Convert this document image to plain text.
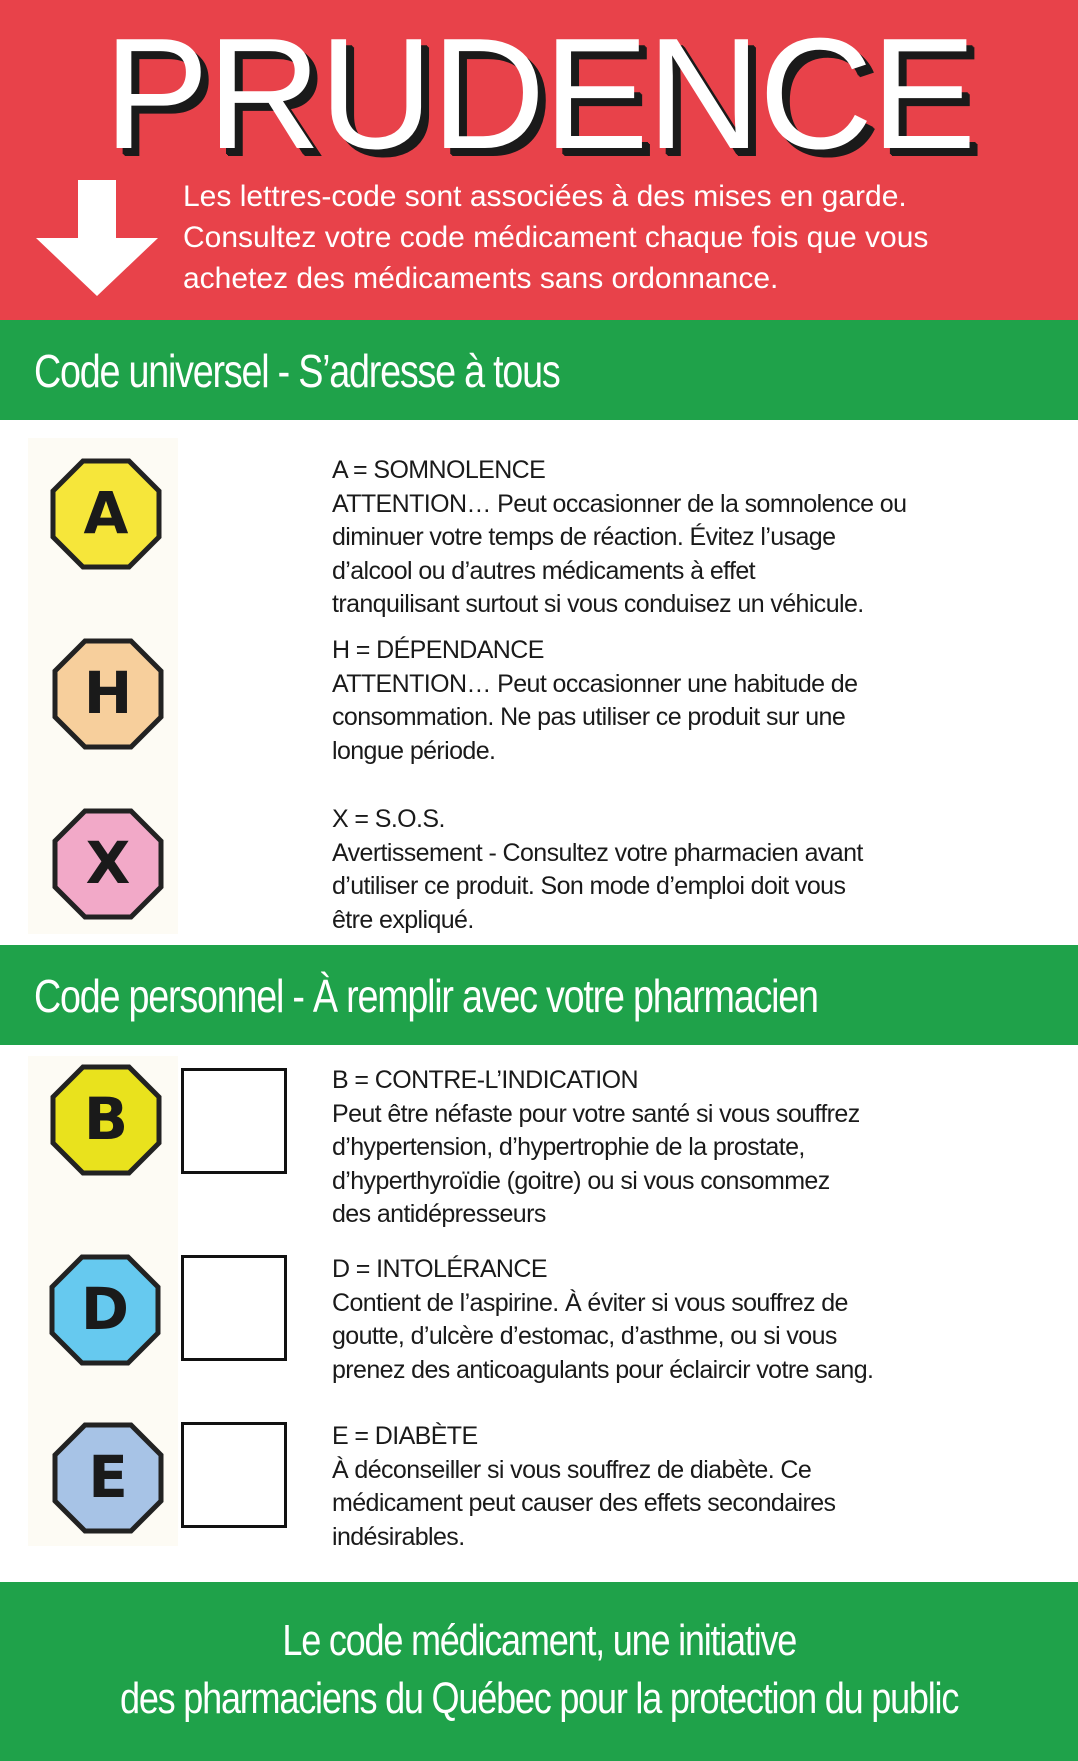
PRUDENCE
Les lettres-code sont associées à des mises en garde.
Consultez votre code médicament chaque fois que vous
achetez des médicaments sans ordonnance.
Code universel - S’adresse à tous
A
A = SOMNOLENCE
ATTENTION… Peut occasionner de la somnolence ou
diminuer votre temps de réaction. Évitez l’usage
d’alcool ou d’autres médicaments à effet
tranquilisant surtout si vous conduisez un véhicule.
H
H = DÉPENDANCE
ATTENTION… Peut occasionner une habitude de
consommation. Ne pas utiliser ce produit sur une
longue période.
X
X = S.O.S.
Avertissement - Consultez votre pharmacien avant
d’utiliser ce produit. Son mode d’emploi doit vous
être expliqué.
Code personnel - À remplir avec votre pharmacien
B
B = CONTRE-L’INDICATION
Peut être néfaste pour votre santé si vous souffrez
d’hypertension, d’hypertrophie de la prostate,
d’hyperthyroïdie (goitre) ou si vous consommez
des antidépresseurs
D
D = INTOLÉRANCE
Contient de l’aspirine. À éviter si vous souffrez de
goutte, d’ulcère d’estomac, d’asthme, ou si vous
prenez des anticoagulants pour éclaircir votre sang.
E
E = DIABÈTE
À déconseiller si vous souffrez de diabète. Ce
médicament peut causer des effets secondaires
indésirables.
Le code médicament, une initiative
des pharmaciens du Québec pour la protection du public
